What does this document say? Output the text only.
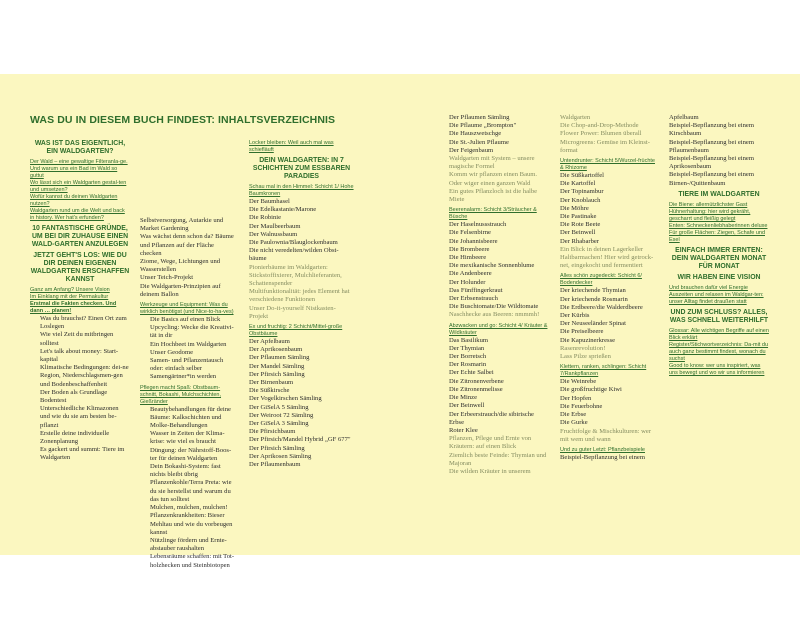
WAS DU IN DIESEM BUCH FINDEST: INHALTSVERZEICHNIS
WAS IST DAS EIGENTLICH, EIN WALDGARTEN?
Der Wald – eine gewaltige Filteranla-ge. Und warum uns ein Bad im Wald so guttut
Wo lässt sich ein Waldgarten gestal-ten und umsetzen?
Wofür kannst du deinen Waldgarten nutzen?
Waldgarten rund um die Welt und back in history. Wer hat's erfunden?
10 FANTASTISCHE GRÜNDE, UM BEI DIR ZUHAUSE EINEN WALD-GARTEN ANZULEGEN
JETZT GEHT'S LOS: WIE DU DIR DEINEN EIGENEN WALDGARTEN ERSCHAFFEN KANNST
Ganz am Anfang? Unsere Vision
Im Einklang mit der Permakultur
Erstmal die Fakten checken. Und dann … planen!
Was du brauchst? Einen Ort zum Loslegen
Wie viel Zeit du mitbringen solltest
Let's talk about money: Start-kapital
Klimatische Bedingungen: dei-ne Region, Niederschlagsmen-gen und Bodenbeschaffenheit
Der Boden als Grundlage Bodentest
Unterschiedliche Klimazonen und wie du sie am besten be-pflanzt
Erstelle deine individuelle Zonenplanung
Es gackert und summt: Tiere im Waldgarten
Selbstversorgung, Autarkie und Market Gardening
Was wächst denn schon da? Bäume und Pflanzen auf der Fläche checken
Ziome, Wege, Lichtungen und Wasserstellen
Unser Teich-Projekt
Die Waldgarten-Prinzipien auf deinem Ballon
Werkzeuge und Equipment: Was du wirklich benötigst (und Nice-to-ha-ves)
Die Basics auf einen Blick
Upcycling: Wecke die Kreativi-tät in dir
Ein Hochbeet im Waldgarten
Unser Geodome
Samen- und Pflanzentausch oder: einfach selber Samengärtner*in werden
Pflegen macht Spaß: Obstbaum-schnitt, Bokashi, Mulchschichten, Gießränder
Beautybehandlungen für deine Bäume: Kalkschichten und Molke-Behandlungen
Wasser in Zeiten der Klima-krise: wie viel es braucht
Düngung: der Nährstoff-Boos-ter für deinen Waldgarten
Dein Bokashi-System: fast nichts bleibt übrig
Pflanzenkohle/Terra Preta: wie du sie herstellst und warum du das tun solltest
Mulchen, mulchen, mulchen!
Pflanzenkrankheiten: Bieser Mehltau und wie du vorbeugen kannst
Nützlinge fördern und Ernte-abstauber raushalten
Lebensräume schaffen: mit Tot-holzhecken und Steinbiotopen
Locker bleiben: Weil auch mal was schiefläuft
DEIN WALDGARTEN: IN 7 SCHICHTEN ZUM ESSBAREN PARADIES
Schau mal in den Himmel: Schicht 1/ Hohe Baumkronen
Der Baumhasel
Die Edelkastanie/Marone
Die Robinie
Der Maulbeerbaum
Der Walnussbaum
Die Paulownia/Blauglockenbaum
Die nicht veredelten/wilden Obst-bäume
Pionierbäume im Waldgarten: Stickstoffixierer, Mulchlieferanten, Schattenspender
Multifunktionalität: jedes Element hat verschiedene Funktionen
Unser Do-it-yourself Nistkasten-Projekt
Ex und fruchtig: 2 Schicht/Mittel-große Obstbäume
Der Apfelbaum
Der Aprikosenbaum
Der Pflaumen Sämling
Der Mandel Sämling
Der Pfirsich Sämling
Der Birnenbaum
Die Süßkirsche
Der Vogelkirschen Sämling
Der GiSelA 5 Sämling
Der Weiroot 72 Sämling
Der GiSelA 3 Sämling
Die Pfirsichbaum
Der Pfirsich/Mandel Hybrid „GF 677"
Der Pfirsich Sämling
Der Aprikosen Sämling
Der Pflaumenbaum
Der Pflaumen Sämling
Die Pflaume „Brompton"
Die Hauszwetschge
Die St.-Julien Pflaume
Der Feigenbaum
Waldgarten mit System – unsere magische Formel
Komm wir pflanzen einen Baum. Oder wiger einen ganzen Wald
Ein gutes Pflanzloch ist die halbe Miete
Beerenalarm: Schicht 3/Sträucher & Büsche
Der Haselnussstrauch
Die Felsenbirne
Die Johannisbeere
Die Brombeere
Die Himbeere
Die mexikanische Sonnenblume
Die Andenbeere
Der Holunder
Das Fünffingerkraut
Der Erbsenstrauch
Die Buschtomate/Die Wildtomate
Naschhecke aus Beeren: nmmmh!
Abzwacken und go: Schicht 4/ Kräuter & Wildkräuter
Das Basilikum
Der Thymian
Der Borretsch
Der Rosmarin
Der Echte Salbei
Die Zitronenverbene
Die Zitronenmelisse
Die Minze
Der Beinwell
Der Erbeerstrauch/die sibirische Erbse
Roter Klee
Pflanzen, Pflege und Ernte von Kräutern: auf einen Blick
Ziemlich beste Feinde: Thymian und Majoran
Die wilden Kräuter in unserem
Waldgarten
Die Chop-and-Drop-Methode
Flower Power: Blumen überall
Microgreens: Gemüse im Kleinst-format
Untendrunter: Schicht 5/Wurzel-früchte & Rhizome
Die Süßkartoffel
Die Kartoffel
Der Topinambur
Der Knoblauch
Die Möhre
Die Pastinake
Die Rote Beete
Der Beinwell
Der Rhabarber
Ein Blick in deinen Lagerkeller
Haltbarmachen! Hier wird getrock-net, eingekocht und fermentiert
Alles schön zugedeckt: Schicht 6/ Bodendecker
Der kriechende Thymian
Der kriechende Rosmarin
Die Erdbeere/die Walderdbeere
Der Kürbis
Der Neuseeländer Spinat
Die Preiselbeere
Die Kapuzinerkresse
Rasenrevolution!
Lass Pilze sprießen
Klettern, ranken, schlingen: Schicht 7/Rankpflanzen
Die Weinrebe
Die großfruchtige Kiwi
Der Hopfen
Die Feuerbohne
Die Erbse
Die Gurke
Fruchtfolge & Mischkulturen: wer mit wem und wann
Und zu guter Letzt: Pflanzbeispiele
Beispiel-Bepflanzung bei einem
Apfelbaum
Beispiel-Bepflanzung bei einem Kirschbaum
Beispiel-Bepflanzung bei einem Pflaumenbaum
Beispiel-Bepflanzung bei einem Aprikosenbaum
Beispiel-Bepflanzung bei einem Birnen-/Quittenbaum
TIERE IM WALDGARTEN
Die Biene: allernützlichster Gast
Hühnerhaltung: hier wird gekräht, gescharrt und fleißig gelegt
Enten: Schneckenliebhaberinnen deluxe
Für große Flächen: Ziegen, Schafe und Esel
EINFACH IMMER ERNTEN: DEIN WALDGARTEN MONAT FÜR MONAT
WIR HABEN EINE VISION
Und brauchen dafür viel Energie
Auszeiten und relaxen im Waldgar-ten: unser Alltag findet draußen statt
UND ZUM SCHLUSS? ALLES, WAS SCHNELL WEITERHILFT
Glossar: Alle wichtigen Begriffe auf einen Blick erklärt
Register/Stichwortverzeichnis: Da-mit du auch ganz bestimmt findest, wonach du suchst
Good to know: wer uns inspiriert, was uns bewegt und wo wir uns informieren
